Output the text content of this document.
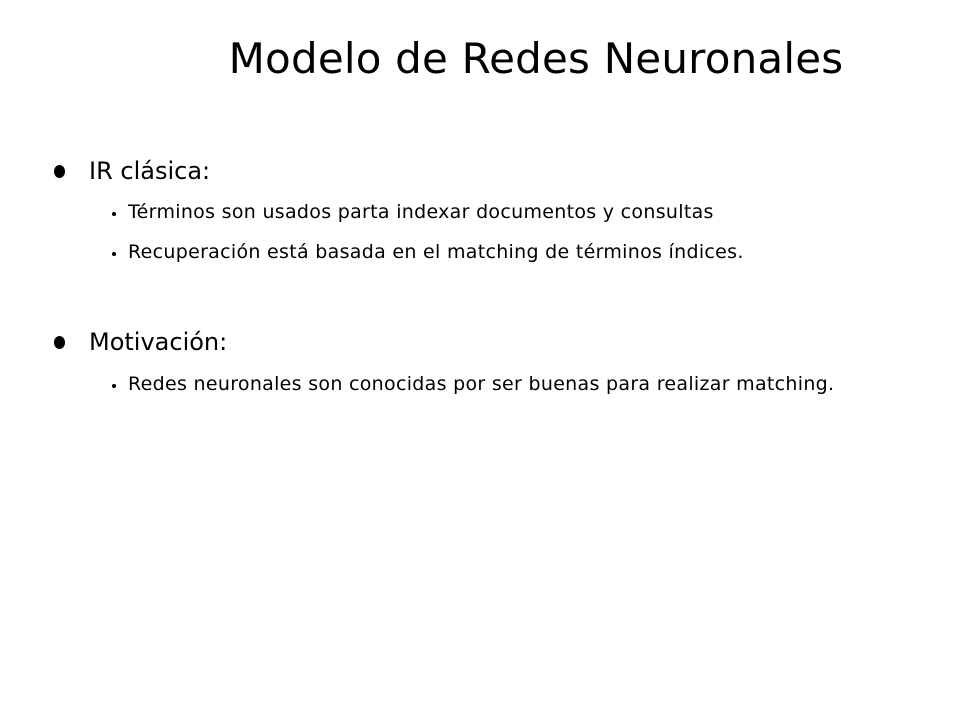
Modelo de Redes Neuronales
IR clásica:
Términos son usados parta indexar documentos y consultas
Recuperación está basada en el matching de términos índices.
Motivación:
Redes neuronales son conocidas por ser buenas para realizar matching.
